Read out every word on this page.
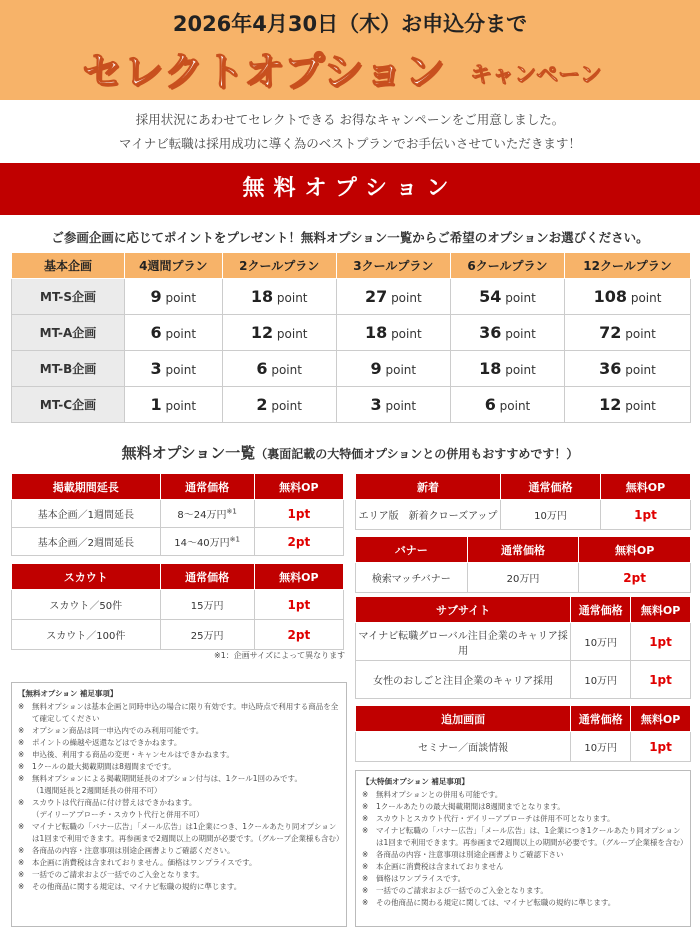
2026年4月30日（木）お申込分まで
セレクトオプション キャンペーン
採用状況にあわせてセレクトできる お得なキャンペーンをご用意しました。
マイナビ転職は採用成功に導く為のベストプランでお手伝いさせていただきます！
無料オプション
ご参画企画に応じてポイントをプレゼント！無料オプション一覧からご希望のオプションお選びください。
基本企画	4週間プラン	2クールプラン	3クールプラン	6クールプラン	12クールプラン
MT-S企画	9 point	18 point	27 point	54 point	108 point
MT-A企画	6 point	12 point	18 point	36 point	72 point
MT-B企画	3 point	6 point	9 point	18 point	36 point
MT-C企画	1 point	2 point	3 point	6 point	12 point
無料オプション一覧（裏面記載の大特価オプションとの併用もおすすめです！）
掲載期間延長	通常価格	無料OP
基本企画／1週間延長	8～24万円$^{※1}$	1pt
基本企画／2週間延長	14～40万円$^{※1}$	2pt
スカウト	通常価格	無料OP
スカウト／50件	15万円	1pt
スカウト／100件	25万円	2pt
※1：企画サイズによって異なります
新着	通常価格	無料OP
エリア版　新着クローズアップ	10万円	1pt
バナー	通常価格	無料OP
検索マッチバナー	20万円	2pt
サブサイト	通常価格	無料OP
マイナビ転職グローバル注目企業のキャリア採用	10万円	1pt
女性のおしごと注目企業のキャリア採用	10万円	1pt
追加画面	通常価格	無料OP
セミナー／面談情報	10万円	1pt
【無料オプション 補足事項】
※ 無料オプションは基本企画と同時申込の場合に限り有効です。申込時点で利用する商品を全て確定してください
※ オプション商品は同一申込内でのみ利用可能です。
※ ポイントの繰越や返還などはできかねます。
※ 申込後、利用する商品の変更・キャンセルはできかねます。
※ 1クールの最大掲載期間は8週間までです。
※ 無料オプションによる掲載期間延長のオプション付与は、1クール1回のみです。
（1週間延長と2週間延長の併用不可）
※ スカウトは代行商品に付け替えはできかねます。
（デイリーアプローチ・スカウト代行と併用不可）
※ マイナビ転職の「バナー広告」「メール広告」は1企業につき、1クールあたり同オプションは1回まで利用できます。再参画まで2週間以上の期間が必要です。（グループ企業様も含む）
※ 各商品の内容・注意事項は別途企画書よりご確認ください。
※ 本企画に消費税は含まれておりません。価格はワンプライスです。
※ 一括でのご請求および一括でのご入金となります。
※ その他商品に関する規定は、マイナビ転職の規約に準じます。
【大特価オプション 補足事項】
※ 無料オプションとの併用も可能です。
※ 1クールあたりの最大掲載期間は8週間までとなります。
※ スカウトとスカウト代行・デイリーアプローチは併用不可となります。
※ マイナビ転職の「バナー広告」「メール広告」は、1企業につき1クールあたり同オプションは1回まで利用できます。再参画まで2週間以上の期間が必要です。（グループ企業様を含む）
※ 各商品の内容・注意事項は別途企画書よりご確認下さい
※ 本企画に消費税は含まれておりません
※ 価格はワンプライスです。
※ 一括でのご請求および一括でのご入金となります。
※ その他商品に関わる規定に関しては、マイナビ転職の規約に準じます。
